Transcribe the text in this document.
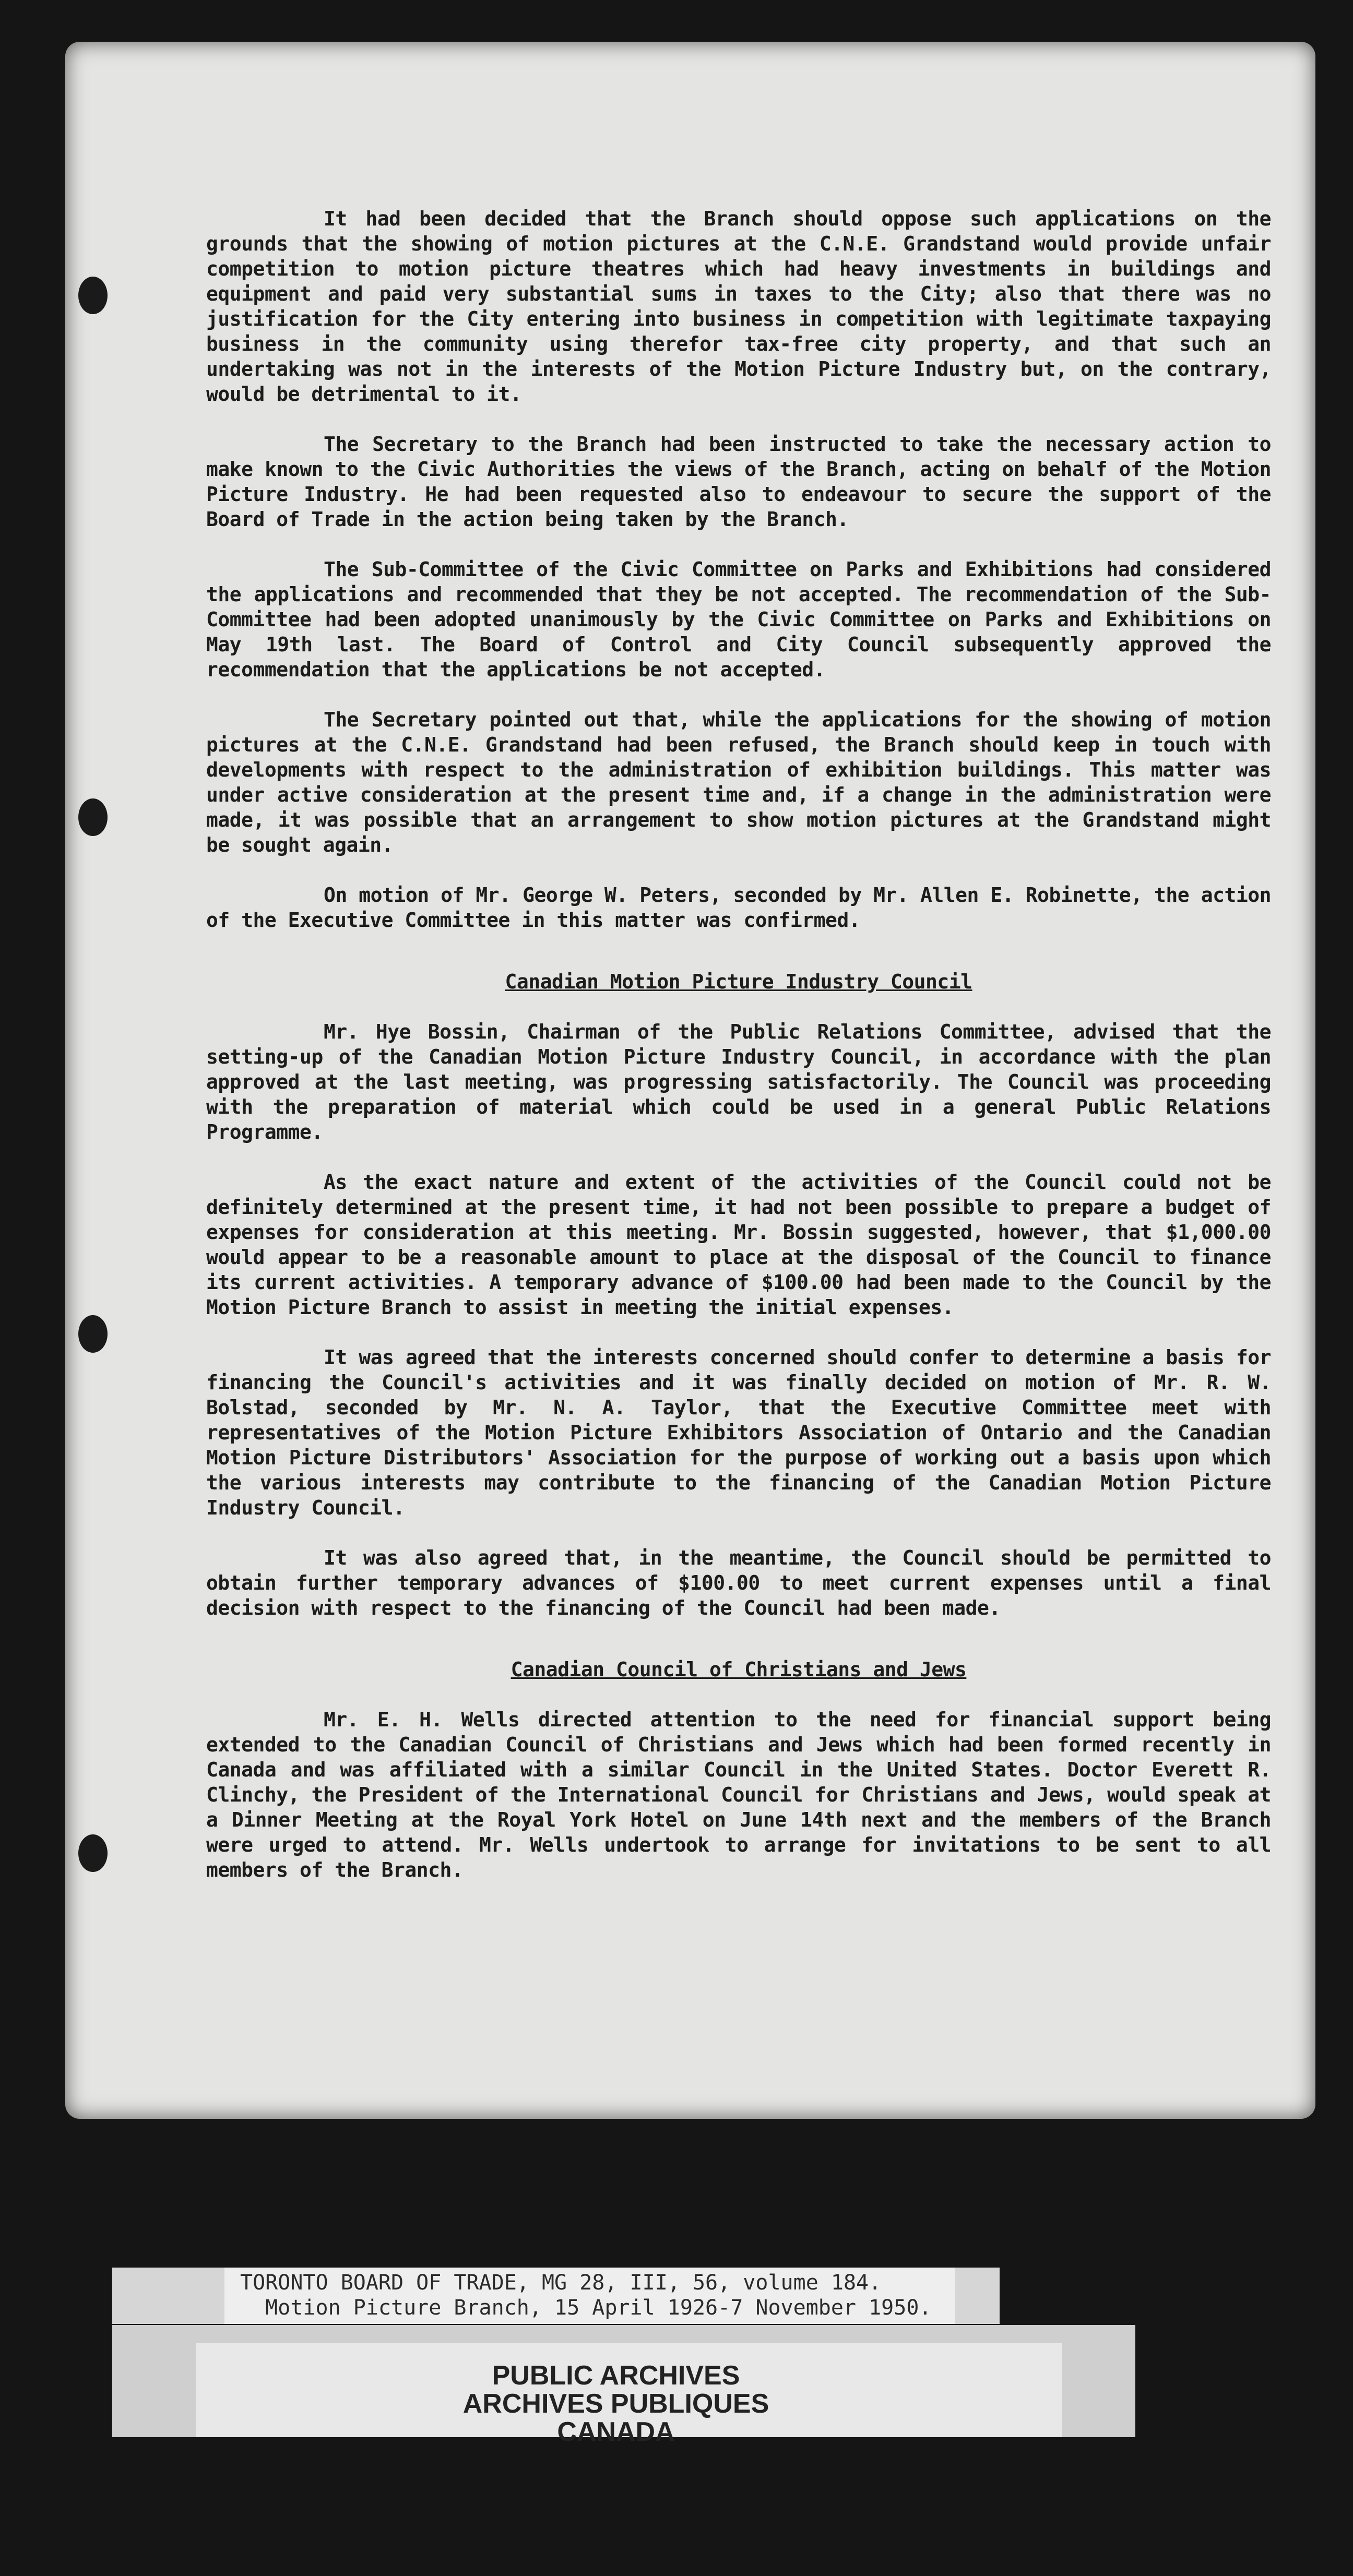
It had been decided that the Branch should oppose such applications on the grounds that the showing of motion pictures at the C.N.E. Grandstand would provide unfair competition to motion picture theatres which had heavy investments in buildings and equipment and paid very substantial sums in taxes to the City; also that there was no justification for the City entering into business in competition with legitimate taxpaying business in the community using therefor tax-free city property, and that such an undertaking was not in the interests of the Motion Picture Industry but, on the contrary, would be detrimental to it.

The Secretary to the Branch had been instructed to take the necessary action to make known to the Civic Authorities the views of the Branch, acting on behalf of the Motion Picture Industry. He had been requested also to endeavour to secure the support of the Board of Trade in the action being taken by the Branch.

The Sub-Committee of the Civic Committee on Parks and Exhibitions had considered the applications and recommended that they be not accepted. The recommendation of the Sub-Committee had been adopted unanimously by the Civic Committee on Parks and Exhibitions on May 19th last. The Board of Control and City Council subsequently approved the recommendation that the applications be not accepted.

The Secretary pointed out that, while the applications for the showing of motion pictures at the C.N.E. Grandstand had been refused, the Branch should keep in touch with developments with respect to the administration of exhibition buildings. This matter was under active consideration at the present time and, if a change in the administration were made, it was possible that an arrangement to show motion pictures at the Grandstand might be sought again.

On motion of Mr. George W. Peters, seconded by Mr. Allen E. Robinette, the action of the Executive Committee in this matter was confirmed.

Canadian Motion Picture Industry Council

Mr. Hye Bossin, Chairman of the Public Relations Committee, advised that the setting-up of the Canadian Motion Picture Industry Council, in accordance with the plan approved at the last meeting, was progressing satisfactorily. The Council was proceeding with the preparation of material which could be used in a general Public Relations Programme.

As the exact nature and extent of the activities of the Council could not be definitely determined at the present time, it had not been possible to prepare a budget of expenses for consideration at this meeting. Mr. Bossin suggested, however, that $1,000.00 would appear to be a reasonable amount to place at the disposal of the Council to finance its current activities. A temporary advance of $100.00 had been made to the Council by the Motion Picture Branch to assist in meeting the initial expenses.

It was agreed that the interests concerned should confer to determine a basis for financing the Council's activities and it was finally decided on motion of Mr. R. W. Bolstad, seconded by Mr. N. A. Taylor, that the Executive Committee meet with representatives of the Motion Picture Exhibitors Association of Ontario and the Canadian Motion Picture Distributors' Association for the purpose of working out a basis upon which the various interests may contribute to the financing of the Canadian Motion Picture Industry Council.

It was also agreed that, in the meantime, the Council should be permitted to obtain further temporary advances of $100.00 to meet current expenses until a final decision with respect to the financing of the Council had been made.

Canadian Council of Christians and Jews

Mr. E. H. Wells directed attention to the need for financial support being extended to the Canadian Council of Christians and Jews which had been formed recently in Canada and was affiliated with a similar Council in the United States. Doctor Everett R. Clinchy, the President of the International Council for Christians and Jews, would speak at a Dinner Meeting at the Royal York Hotel on June 14th next and the members of the Branch were urged to attend. Mr. Wells undertook to arrange for invitations to be sent to all members of the Branch.

TORONTO BOARD OF TRADE, MG 28, III, 56, volume 184.
Motion Picture Branch, 15 April 1926-7 November 1950.
PUBLIC ARCHIVES
ARCHIVES PUBLIQUES
CANADA
